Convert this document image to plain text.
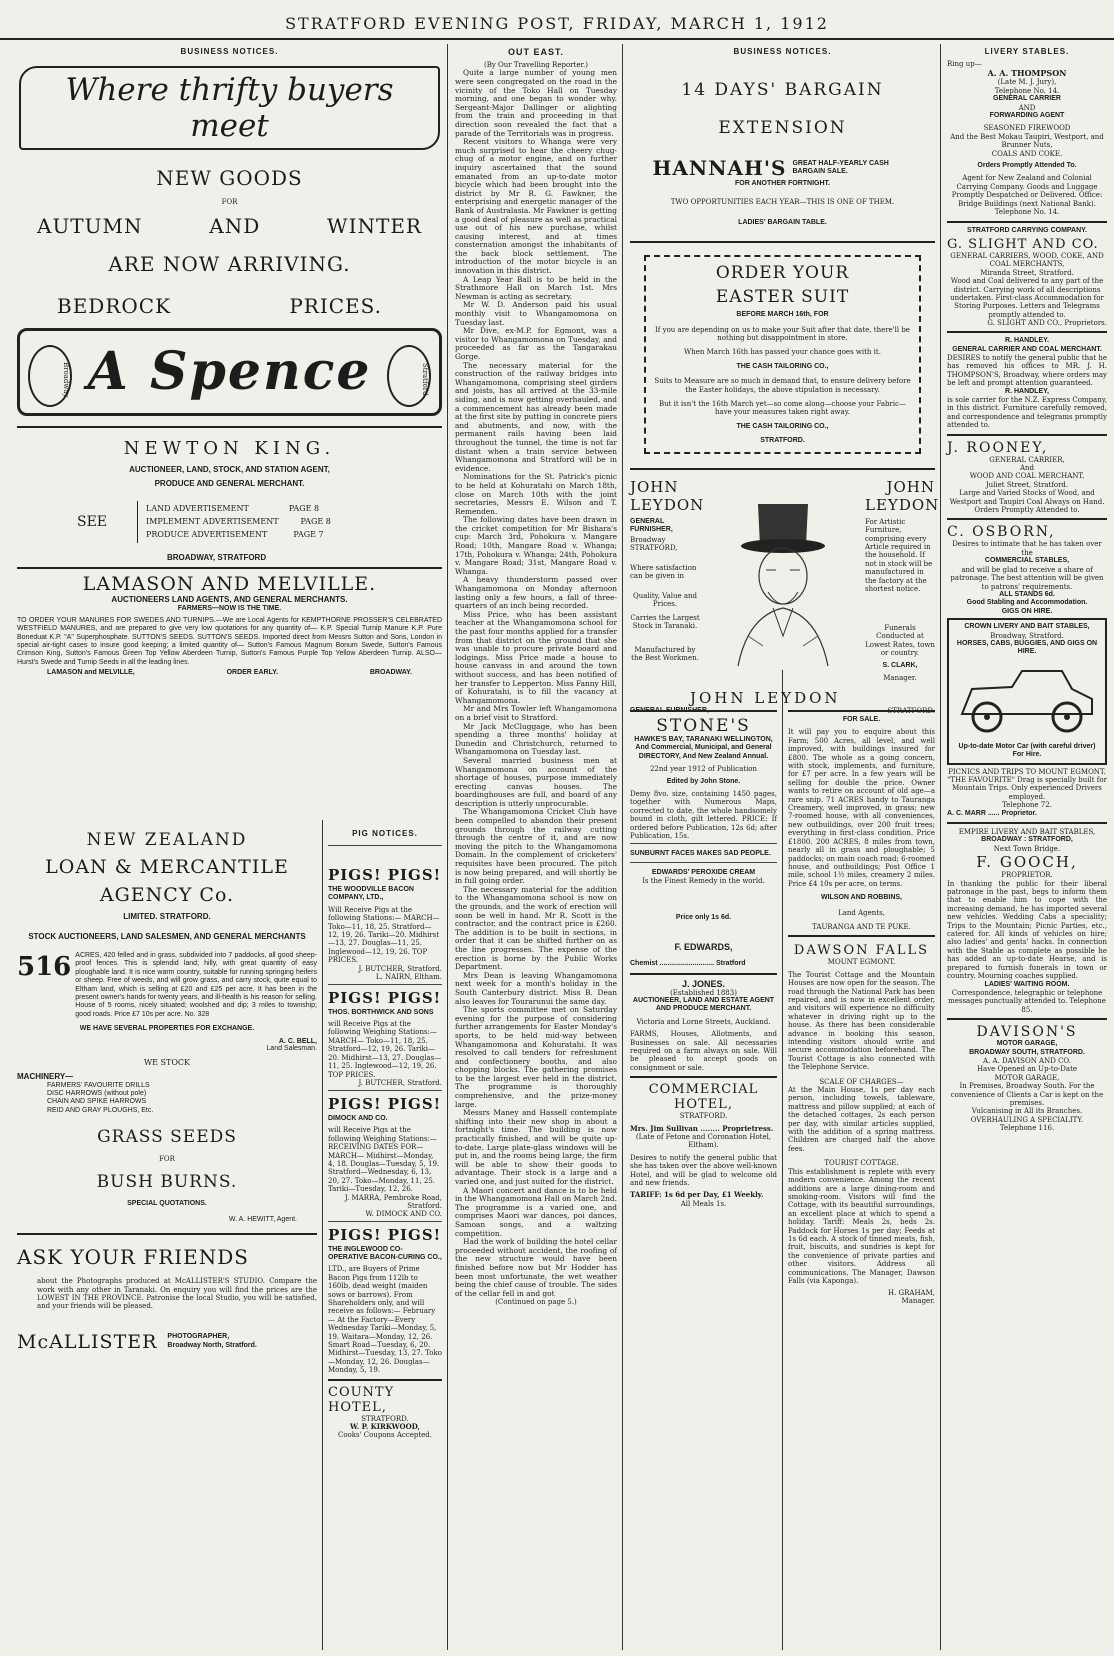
STRATFORD EVENING POST, FRIDAY, MARCH 1, 1912
BUSINESS NOTICES.
Where thrifty buyers meet
NEW GOODS
FOR
AUTUMN	AND	WINTER
ARE NOW ARRIVING.
BEDROCK	PRICES.
Broadway A Spence	Stratford
NEWTON KING.
AUCTIONEER, LAND, STOCK, AND STATION AGENT,
PRODUCE AND GENERAL MERCHANT.
SEE
LAND ADVERTISEMENT	PAGE 8
IMPLEMENT ADVERTISEMENT	PAGE 8
PRODUCE ADVERTISEMENT	PAGE 7
BROADWAY, STRATFORD
LAMASON AND MELVILLE.
AUCTIONEERS LAND AGENTS, AND GENERAL MERCHANTS.
FARMERS—NOW IS THE TIME.
TO ORDER YOUR MANURES FOR SWEDES AND TURNIPS.—We are Local Agents for KEMPTHORNE PROSSER'S CELEBRATED WESTFIELD MANURES, and are prepared to give very low quotations for any quantity of— K.P. Special Turnip Manure K.P. Pure Boneduat K.P. "A" Superphosphate. SUTTON'S SEEDS. SUTTON'S SEEDS. Imported direct from Messrs Sutton and Sons, London in special air-tight cases to insure good keeping; a limited quantity of— Sutton's Famous Magnum Bonum Swede, Sutton's Famous Crimson King, Sutton's Famous Green Top Yellow Aberdeen Turnip, Sutton's Famous Purple Top Yellow Aberdeen Turnip. ALSO— Hurst's Swede and Turnip Seeds in all the leading lines.
LAMASON and MELVILLE,	ORDER EARLY.	BROADWAY.
NEW ZEALAND
LOAN & MERCANTILE
AGENCY Co.
LIMITED. STRATFORD.
STOCK AUCTIONEERS, LAND SALESMEN, AND GENERAL MERCHANTS
516 ACRES, 420 felled and in grass, subdivided into 7 paddocks, all good sheep-proof fences. This is splendid land; hilly, with great quantity of easy ploughable land. It is nice warm country, suitable for running springing heifers or sheep. Free of weeds, and will grow grass, and carry stock, quite equal to Eltham land, which is selling at £20 and £25 per acre. It has been in the present owner's hands for twenty years, and ill-health is his reason for selling. House of 5 rooms, nicely situated; woolshed and dip; 3 miles to township; good roads. Price £7 10s per acre. No. 328
WE HAVE SEVERAL PROPERTIES FOR EXCHANGE.
A. C. BELL,
Land Salesman.
WE STOCK
MACHINERY—
FARMERS' FAVOURITE DRILLS
DISC HARROWS (without pole)
CHAIN AND SPIKE HARROWS
REID AND GRAY PLOUGHS, Etc.
GRASS SEEDS
FOR
BUSH BURNS.
SPECIAL QUOTATIONS.
W. A. HEWITT, Agent.
ASK YOUR FRIENDS
about the Photographs produced at McALLISTER'S STUDIO. Compare the work with any other in Taranaki. On enquiry you will find the prices are the LOWEST IN THE PROVINCE. Patronise the local Studio, you will be satisfied, and your friends will be pleased.
McALLISTER PHOTOGRAPHER,
Broadway North, Stratford.
PIG NOTICES.
PIGS! PIGS!
THE WOODVILLE BACON COMPANY, LTD.,
Will Receive Pigs at the following Stations:— MARCH— Toko—11, 18, 25. Stratford—12, 19, 26. Tariki—20. Midhirst—13, 27. Douglas—11, 25. Inglewood—12, 19, 26. TOP PRICES.
J. BUTCHER, Stratford.
L. NAIRN, Eltham.
PIGS! PIGS!
THOS. BORTHWICK AND SONS
will Receive Pigs at the following Weighing Stations:— MARCH— Toko—11, 18, 25. Stratford—12, 19, 26. Tariki—20. Midhirst—13, 27. Douglas—11, 25. Inglewood—12, 19, 26. TOP PRICES.
J. BUTCHER, Stratford.
PIGS! PIGS!
DIMOCK AND CO.
will Receive Pigs at the following Weighing Stations:— RECEIVING DATES FOR— MARCH— Midhirst—Monday, 4, 18. Douglas—Tuesday, 5, 19. Stratford—Wednesday, 6, 13, 20, 27. Toko—Monday, 11, 25. Tariki—Tuesday, 12, 26.
J. MARRA, Pembroke Road, Stratford.
W. DIMOCK AND CO.
PIGS! PIGS!
THE INGLEWOOD CO-OPERATIVE BACON-CURING CO.,
LTD., are Buyers of Prime Bacon Pigs from 112lb to 160lb, dead weight (maiden sows or barrows). From Shareholders only, and will receive as follows:— February— At the Factory—Every Wednesday Tariki—Monday, 5, 19. Waitara—Monday, 12, 26. Smart Road—Tuesday, 6, 20. Midhirst—Tuesday, 13, 27. Toko—Monday, 12, 26. Douglas—Monday, 5, 19.
COUNTY HOTEL,
STRATFORD.
W. P. KIRKWOOD,
Cooks' Coupons Accepted.
OUT EAST.
(By Our Travelling Reporter.)
Quite a large number of young men were seen congregated on the road in the vicinity of the Toko Hall on Tuesday morning, and one began to wonder why. Sergeant-Major Dallinger or alighting from the train and proceeding in that direction soon revealed the fact that a parade of the Territorials was in progress.
Recent visitors to Whanga were very much surprised to hear the cheery chug-chug of a motor engine, and on further inquiry ascertained that the sound emanated from an up-to-date motor bicycle which had been brought into the district by Mr R. G. Fawkner, the enterprising and energetic manager of the Bank of Australasia. Mr Fawkner is getting a good deal of pleasure as well as practical use out of his new purchase, whilst causing interest, and at times consternation amongst the inhabitants of the back block settlement. The introduction of the motor bicycle is an innovation in this district.
A Leap Year Ball is to be held in the Strathmore Hall on March 1st. Mrs Newman is acting as secretary.
Mr W. D. Anderson paid his usual monthly visit to Whangamomona on Tuesday last.
Mr Dive, ex-M.P. for Egmont, was a visitor to Whangamomona on Tuesday, and proceeded as far as the Tangarakau Gorge.
The necessary material for the construction of the railway bridges into Whangamomona, comprising steel girders and joists, has all arrived at the 33-mile siding, and is now getting overhauled, and a commencement has already been made at the first site by putting in concrete piers and abutments, and now, with the permanent rails having been laid throughout the tunnel, the time is not far distant when a train service between Whangamomona and Stratford will be in evidence.
Nominations for the St. Patrick's picnic to be held at Kohuratahi on March 18th, close on March 10th with the joint secretaries, Messrs E. Wilson and T. Remenden.
The following dates have been drawn in the cricket competition for Mr Bishara's cup: March 3rd, Pohokura v. Mangare Road; 10th, Mangare Road v. Whanga; 17th, Pohokura v. Whanga; 24th, Pohokura v. Mangare Road; 31st, Mangare Road v. Whanga.
A heavy thunderstorm passed over Whangamomona on Monday afternoon lasting only a few hours, a fall of three-quarters of an inch being recorded.
Miss Price, who has been assistant teacher at the Whangamomona school for the past four months applied for a transfer from that district on the ground that she was unable to procure private board and lodgings. Miss Price made a house to house canvass in and around the town without success, and has been notified of her transfer to Lepperton. Miss Fanny Hill, of Kohuratahi, is to fill the vacancy at Whangamomona.
Mr and Mrs Towler left Whangamomona on a brief visit to Stratford.
Mr Jack McCluggage, who has been spending a three months' holiday at Dunedin and Christchurch, returned to Whangamomona on Tuesday last.
Several married business men at Whangamomona on account of the shortage of houses, purpose immediately erecting canvas houses. The boardinghouses are full, and board of any description is utterly unprocurable.
The Whangamomona Cricket Club have been compelled to abandon their present grounds through the railway cutting through the centre of it, and are now moving the pitch to the Whangamomona Domain. In the complement of cricketers' requisites have been procured. The pitch is now being prepared, and will shortly be in full going order.
The necessary material for the addition to the Whangamomona school is now on the grounds, and the work of erection will soon be well in hand. Mr R. Scott is the contractor, and the contract price is £260. The addition is to be built in sections, in order that it can be shifted further on as the line progresses. The expense of the erection is borne by the Public Works Department.
Mrs Dean is leaving Whangamomona next week for a month's holiday in the South Canterbury district. Miss B. Dean also leaves for Tourarunui the same day.
The sports committee met on Saturday evening for the purpose of considering further arrangements for Easter Monday's sports, to be held mid-way between Whangamomona and Kohuratahi. It was resolved to call tenders for refreshment and confectionery booths, and also chopping blocks. The gathering promises to be the largest ever held in the district. The programme is thoroughly comprehensive, and the prize-money large.
Messrs Maney and Hassell contemplate shifting into their new shop in about a fortnight's time. The building is now practically finished, and will be quite up-to-date. Large plate-glass windows will be put in, and the rooms being large, the firm will be able to show their goods to advantage. Their stock is a large and a varied one, and just suited for the district.
A Maori concert and dance is to be held in the Whangamomona Hall on March 2nd. The programme is a varied one, and comprises Maori war dances, poi dances, Samoan songs, and a waltzing competition.
Had the work of building the hotel cellar proceeded without accident, the roofing of the new structure would have been finished before now but Mr Hodder has been most unfortunate, the wet weather being the chief cause of trouble. The sides of the cellar fell in and got
(Continued on page 5.)
BUSINESS NOTICES.
14 DAYS' BARGAIN
EXTENSION
HANNAH'S GREAT HALF-YEARLY CASH BARGAIN SALE.
FOR ANOTHER FORTNIGHT.
TWO OPPORTUNITIES EACH YEAR—THIS IS ONE OF THEM.
LADIES' BARGAIN TABLE.
ORDER YOUR
EASTER SUIT
BEFORE MARCH 16th, FOR
If you are depending on us to make your Suit after that date, there'll be nothing but disappointment in store.
When March 16th has passed your chance goes with it.
THE CASH TAILORING CO.,
Suits to Measure are so much in demand that, to ensure delivery before the Easter holidays, the above stipulation is necessary.
But it isn't the 16th March yet—so come along—choose your Fabric—have your measures taken right away.
THE CASH TAILORING CO.,
STRATFORD.
JOHN LEYDON
JOHN LEYDON
GENERAL FURNISHER,
Broadway STRATFORD,
Where satisfaction can be given in
Quality, Value and Prices.
Carries the Largest Stock in Taranaki.
Manufactured by the Best Workmen.
For Artistic Furniture, comprising every Article required in the household. If not in stock will be manufactured in the factory at the shortest notice.
Funerals Conducted at Lowest Rates, town or country.
S. CLARK,
Manager.
JOHN LEYDON
STONE'S
HAWKE'S BAY, TARANAKI WELLINGTON, And Commercial, Municipal, and General DIRECTORY, And New Zealand Annual.
22nd year 1912 of Publication
Edited by John Stone.
Demy 8vo. size, containing 1450 pages, together with Numerous Maps, corrected to date, the whole handsomely bound in cloth, gilt lettered. PRICE: If ordered before Publication, 12s 6d; after Publication, 15s.
SUNBURNT FACES MAKES SAD PEOPLE.
EDWARDS' PEROXIDE CREAM
Is the Finest Remedy in the world.
Price only 1s 6d.
F. EDWARDS,
Chemist ............................ Stratford
J. JONES.
(Established 1883)
AUCTIONEER, LAND AND ESTATE AGENT AND PRODUCE MERCHANT.
Victoria and Lorne Streets, Auckland.
FARMS, Houses, Allotments, and Businesses on sale. All necessaries required on a farm always on sale. Will be pleased to accept goods on consignment or sale.
COMMERCIAL HOTEL,
STRATFORD.
Mrs. Jim Sullivan ........ Proprietress.
(Late of Fetone and Coronation Hotel, Eltham).
Desires to notify the general public that she has taken over the above well-known Hotel, and will be glad to welcome old and new friends.
TARIFF: 1s 6d per Day, £1 Weekly.
All Meals 1s.
FOR SALE.
It will pay you to enquire about this Farm; 500 Acres, all level, and well improved, with buildings insured for £800. The whole as a going concern, with stock, implements, and furniture, for £7 per acre. In a few years will be selling for double the price. Owner wants to retire on account of old age—a rare snip. 71 ACRES handy to Tauranga Creamery, well improved, in grass; new 7-roomed house, with all conveniences, new outbuildings, over 200 fruit trees; everything in first-class condition. Price £1800. 200 ACRES, 8 miles from town, nearly all in grass and ploughable; 5 paddocks; on main coach road; 6-roomed house, and outbuildings; Post Office 1 mile, school 1½ miles, creamery 2 miles. Price £4 10s per acre, on terms.
WILSON AND ROBBINS,
Land Agents,
TAURANGA AND TE PUKE.
DAWSON FALLS
MOUNT EGMONT.
The Tourist Cottage and the Mountain Houses are now open for the season. The road through the National Park has been repaired, and is now in excellent order, and visitors will experience no difficulty whatever in driving right up to the house. As there has been considerable advance in booking this season, intending visitors should write and secure accommodation beforehand. The Tourist Cottage is also connected with the Telephone Service.
SCALE OF CHARGES—
At the Main House, 1s per day each person, including towels, tableware, mattress and pillow supplied; at each of the detached cottages, 2s each person per day, with similar articles supplied, with the addition of a spring mattress. Children are charged half the above fees.
TOURIST COTTAGE.
This establishment is replete with every modern convenience. Among the recent additions are a large dining-room and smoking-room. Visitors will find the Cottage, with its beautiful surroundings, an excellent place at which to spend a holiday. Tariff: Meals 2s, beds 2s. Paddock for Horses 1s per day; Feeds at 1s 6d each. A stock of tinned meats, fish, fruit, biscuits, and sundries is kept for the convenience of private parties and other visitors. Address all communications, The Manager, Dawson Falls (via Kaponga).
H. GRAHAM,
Manager.
LIVERY STABLES.
Ring up—
A. A. THOMPSON
(Late M. J. Jury),
Telephone No. 14.
GENERAL CARRIER
AND
FORWARDING AGENT
SEASONED FIREWOOD
And the Best Mokau Taupiri, Westport, and Brunner Nuts,
COALS AND COKE.
Orders Promptly Attended To.
Agent for New Zealand and Colonial Carrying Company. Goods and Luggage Promptly Despatched or Delivered. Office: Bridge Buildings (next National Bank).
Telephone No. 14.
STRATFORD CARRYING COMPANY.
G. SLIGHT AND CO.
GENERAL CARRIERS, WOOD, COKE, AND COAL MERCHANTS,
Miranda Street, Stratford.
Wood and Coal delivered to any part of the district. Carrying work of all descriptions undertaken. First-class Accommodation for Storing Purposes. Letters and Telegrams promptly attended to.
G. SLIGHT AND CO., Proprietors.
R. HANDLEY.
GENERAL CARRIER AND COAL MERCHANT.
DESIRES to notify the general public that he has removed his offices to MR. J. H. THOMPSON'S, Broadway, where orders may be left and prompt attention guaranteed.
R. HANDLEY,
is sole carrier for the N.Z. Express Company, in this district. Furniture carefully removed, and correspondence and telegrams promptly attended to.
J. ROONEY,
GENERAL CARRIER,
And
WOOD AND COAL MERCHANT,
Juliet Street, Stratford.
Large and Varied Stocks of Wood, and Westport and Taupiri Coal Always on Hand.
Orders Promptly Attended to.
C. OSBORN,
Desires to intimate that he has taken over the
COMMERCIAL STABLES,
and will be glad to receive a share of patronage. The best attention will be given to patrons' requirements.
ALL STANDS 6d.
Good Stabling and Accommodation.
GIGS ON HIRE.
CROWN LIVERY AND BAIT STABLES,
Broadway, Stratford.
HORSES, CABS, BUGGIES, AND GIGS ON HIRE.
Up-to-date Motor Car (with careful driver) For Hire.
PICNICS AND TRIPS TO MOUNT EGMONT.
"THE FAVOURITE" Drag is specially built for Mountain Trips. Only experienced Drivers employed.
Telephone 72.
A. C. MARR ...... Proprietor.
EMPIRE LIVERY AND BAIT STABLES,
BROADWAY : STRATFORD,
Next Town Bridge.
F. GOOCH,
PROPRIETOR.
In thanking the public for their liberal patronage in the past, begs to inform them that to enable him to cope with the increasing demand, he has imported several new vehicles. Wedding Cabs a speciality; Trips to the Mountain; Picnic Parties, etc., catered for. All kinds of vehicles on hire; also ladies' and gents' hacks. In connection with the Stable as complete as possible he has added an up-to-date Hearse, and is prepared to furnish funerals in town or country. Mourning coaches supplied.
LADIES' WAITING ROOM.
Correspondence, telegraphic or telephone messages punctually attended to. Telephone 85.
DAVISON'S
MOTOR GARAGE,
BROADWAY SOUTH, STRATFORD.
A. A. DAVISON AND CO.
Have Opened an Up-to-Date
MOTOR GARAGE,
In Premises, Broadway South. For the convenience of Clients a Car is kept on the premises.
Vulcanising in All its Branches. OVERHAULING A SPECIALITY.
Telephone 116.
